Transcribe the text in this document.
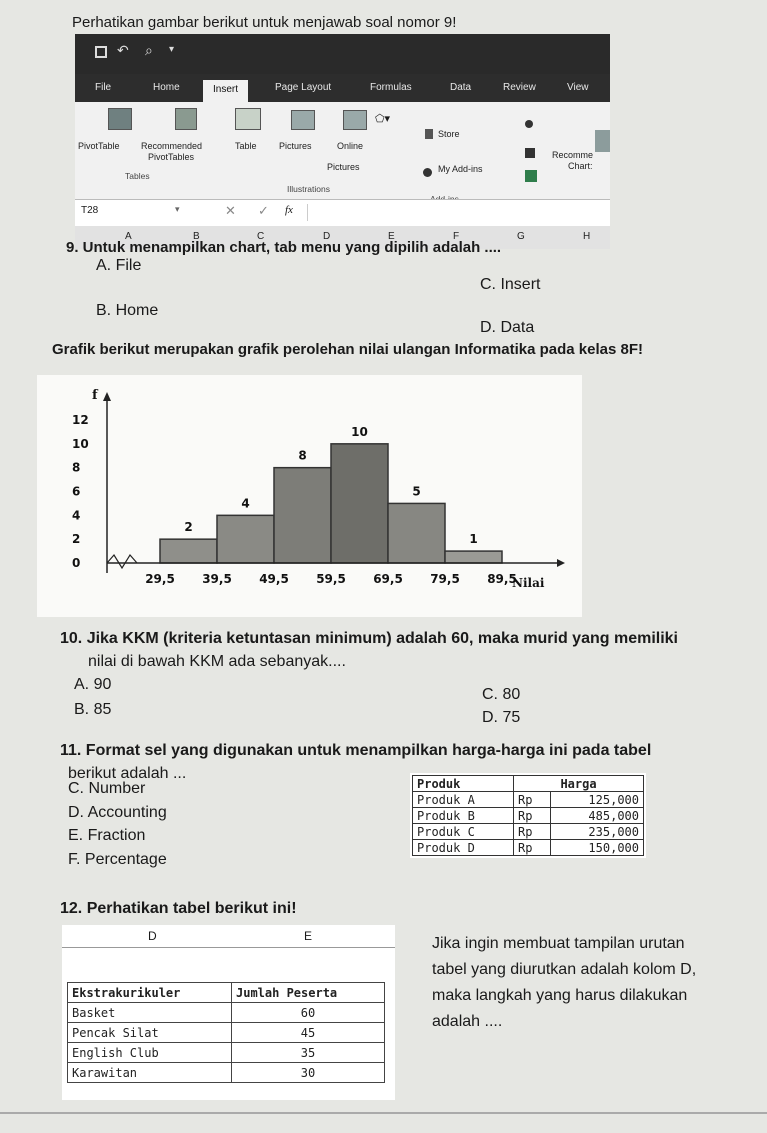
Perhatikan gambar berikut untuk menjawab soal nomor 9!
↶ ⌕ ▾
File	Home	Insert	Page Layout	Formulas	Data	Review	View
⬠▾
PivotTable Recommended
PivotTables
Table Pictures	Online
Pictures
Store
My Add-ins
Recomme
Chart:
Tables
Illustrations
T28	▾	✕ ✓ fx
A	B	C	D	E	F	G	H
9. Untuk menampilkan chart, tab menu yang dipilih adalah ....
A. File
B. Home
C. Insert
D. Data
Grafik berikut merupakan grafik perolehan nilai ulangan Informatika pada kelas 8F!
2
4
8
10
5
1
0
2
4
6
8
10
12
29,5 39,5 49,5 59,5 69,5 79,5 89,5
f
Nilai
10. Jika KKM (kriteria ketuntasan minimum) adalah 60, maka murid yang memiliki
nilai di bawah KKM ada sebanyak....
A. 90
B. 85
C. 80
D. 75
11. Format sel yang digunakan untuk menampilkan harga-harga ini pada tabel
berikut adalah ...
C. Number
D. Accounting
E. Fraction
F. Percentage
Produk	Harga	
Produk A	Rp	125,000
Produk B	Rp	485,000
Produk C	Rp	235,000
Produk D	Rp	150,000
12. Perhatikan tabel berikut ini!
D	E
Ekstrakurikuler	Jumlah Peserta
Basket	60
Pencak Silat	45
English Club	35
Karawitan	30
Jika ingin membuat tampilan urutan
tabel yang diurutkan adalah kolom D,
maka langkah yang harus dilakukan
adalah ....
